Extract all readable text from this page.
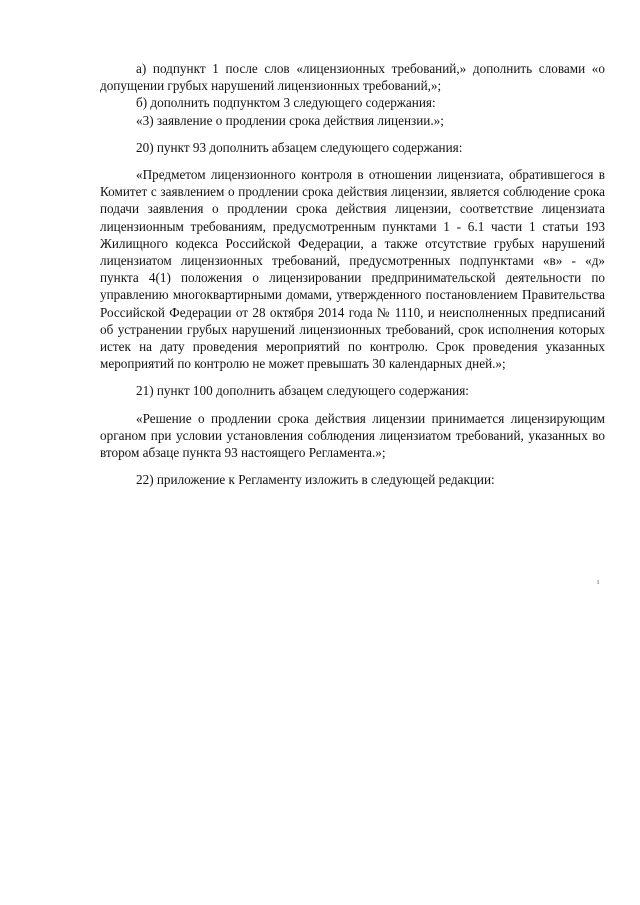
а) подпункт 1 после слов «лицензионных требований,» дополнить словами «о допущении грубых нарушений лицензионных требований,»;

б) дополнить подпунктом 3 следующего содержания:

«3) заявление о продлении срока действия лицензии.»;

20) пункт 93 дополнить абзацем следующего содержания:

«Предметом лицензионного контроля в отношении лицензиата, обратившегося в Комитет с заявлением о продлении срока действия лицензии, является соблюдение срока подачи заявления о продлении срока действия лицензии, соответствие лицензиата лицензионным требованиям, предусмотренным пунктами 1 - 6.1 части 1 статьи 193 Жилищного кодекса Российской Федерации, а также отсутствие грубых нарушений лицензиатом лицензионных требований, предусмотренных подпунктами «в» - «д» пункта 4(1) положения о лицензировании предпринимательской деятельности по управлению многоквартирными домами, утвержденного постановлением Правительства Российской Федерации от 28 октября 2014 года № 1110, и неисполненных предписаний об устранении грубых нарушений лицензионных требований, срок исполнения которых истек на дату проведения мероприятий по контролю. Срок проведения указанных мероприятий по контролю не может превышать 30 календарных дней.»;

21) пункт 100 дополнить абзацем следующего содержания:

«Решение о продлении срока действия лицензии принимается лицензирующим органом при условии установления соблюдения лицензиатом требований, указанных во втором абзаце пункта 93 настоящего Регламента.»;

22) приложение к Регламенту изложить в следующей редакции:

ı
